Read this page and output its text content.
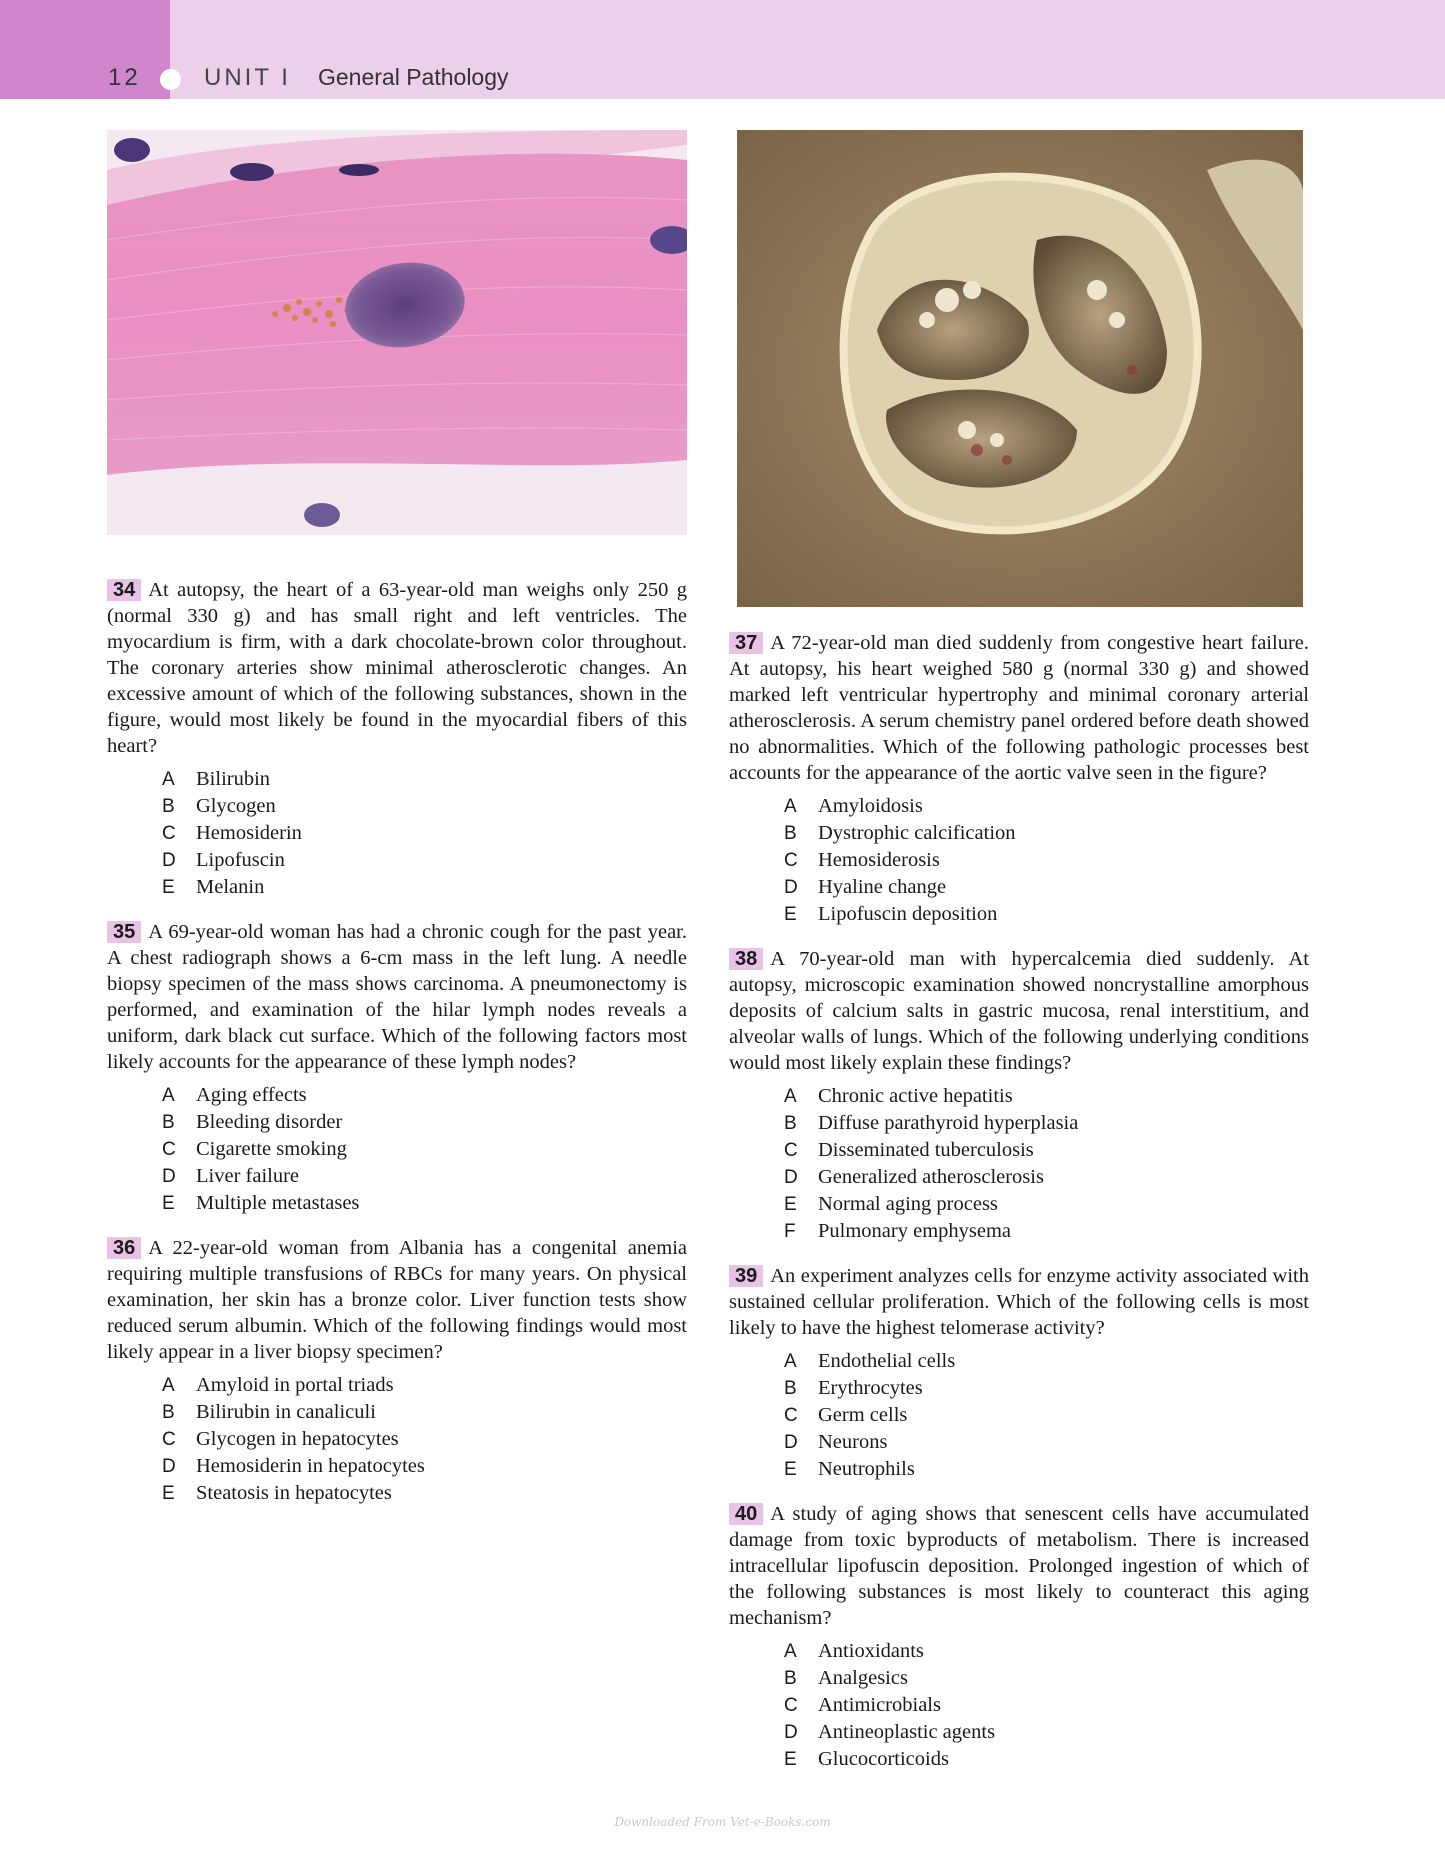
12	UNIT I General Pathology

34 At autopsy, the heart of a 63-year-old man weighs only 250 g (normal 330 g) and has small right and left ventricles. The myocardium is firm, with a dark chocolate-brown color throughout. The coronary arteries show minimal atherosclerotic changes. An excessive amount of which of the following substances, shown in the figure, would most likely be found in the myocardial fibers of this heart?

A Bilirubin
B Glycogen
C Hemosiderin
D Lipofuscin
E Melanin

35 A 69-year-old woman has had a chronic cough for the past year. A chest radiograph shows a 6-cm mass in the left lung. A needle biopsy specimen of the mass shows carcinoma. A pneumonectomy is performed, and examination of the hilar lymph nodes reveals a uniform, dark black cut surface. Which of the following factors most likely accounts for the appearance of these lymph nodes?

A Aging effects
B Bleeding disorder
C Cigarette smoking
D Liver failure
E Multiple metastases

36 A 22-year-old woman from Albania has a congenital anemia requiring multiple transfusions of RBCs for many years. On physical examination, her skin has a bronze color. Liver function tests show reduced serum albumin. Which of the following findings would most likely appear in a liver biopsy specimen?

A Amyloid in portal triads
B Bilirubin in canaliculi
C Glycogen in hepatocytes
D Hemosiderin in hepatocytes
E Steatosis in hepatocytes

37 A 72-year-old man died suddenly from congestive heart failure. At autopsy, his heart weighed 580 g (normal 330 g) and showed marked left ventricular hypertrophy and minimal coronary arterial atherosclerosis. A serum chemistry panel ordered before death showed no abnormalities. Which of the following pathologic processes best accounts for the appearance of the aortic valve seen in the figure?

A Amyloidosis
B Dystrophic calcification
C Hemosiderosis
D Hyaline change
E Lipofuscin deposition

38 A 70-year-old man with hypercalcemia died suddenly. At autopsy, microscopic examination showed noncrystalline amorphous deposits of calcium salts in gastric mucosa, renal interstitium, and alveolar walls of lungs. Which of the following underlying conditions would most likely explain these findings?

A Chronic active hepatitis
B Diffuse parathyroid hyperplasia
C Disseminated tuberculosis
D Generalized atherosclerosis
E Normal aging process
F Pulmonary emphysema

39 An experiment analyzes cells for enzyme activity associated with sustained cellular proliferation. Which of the following cells is most likely to have the highest telomerase activity?

A Endothelial cells
B Erythrocytes
C Germ cells
D Neurons
E Neutrophils

40 A study of aging shows that senescent cells have accumulated damage from toxic byproducts of metabolism. There is increased intracellular lipofuscin deposition. Prolonged ingestion of which of the following substances is most likely to counteract this aging mechanism?

A Antioxidants
B Analgesics
C Antimicrobials
D Antineoplastic agents
E Glucocorticoids
Downloaded From Vet-e-Books.com
